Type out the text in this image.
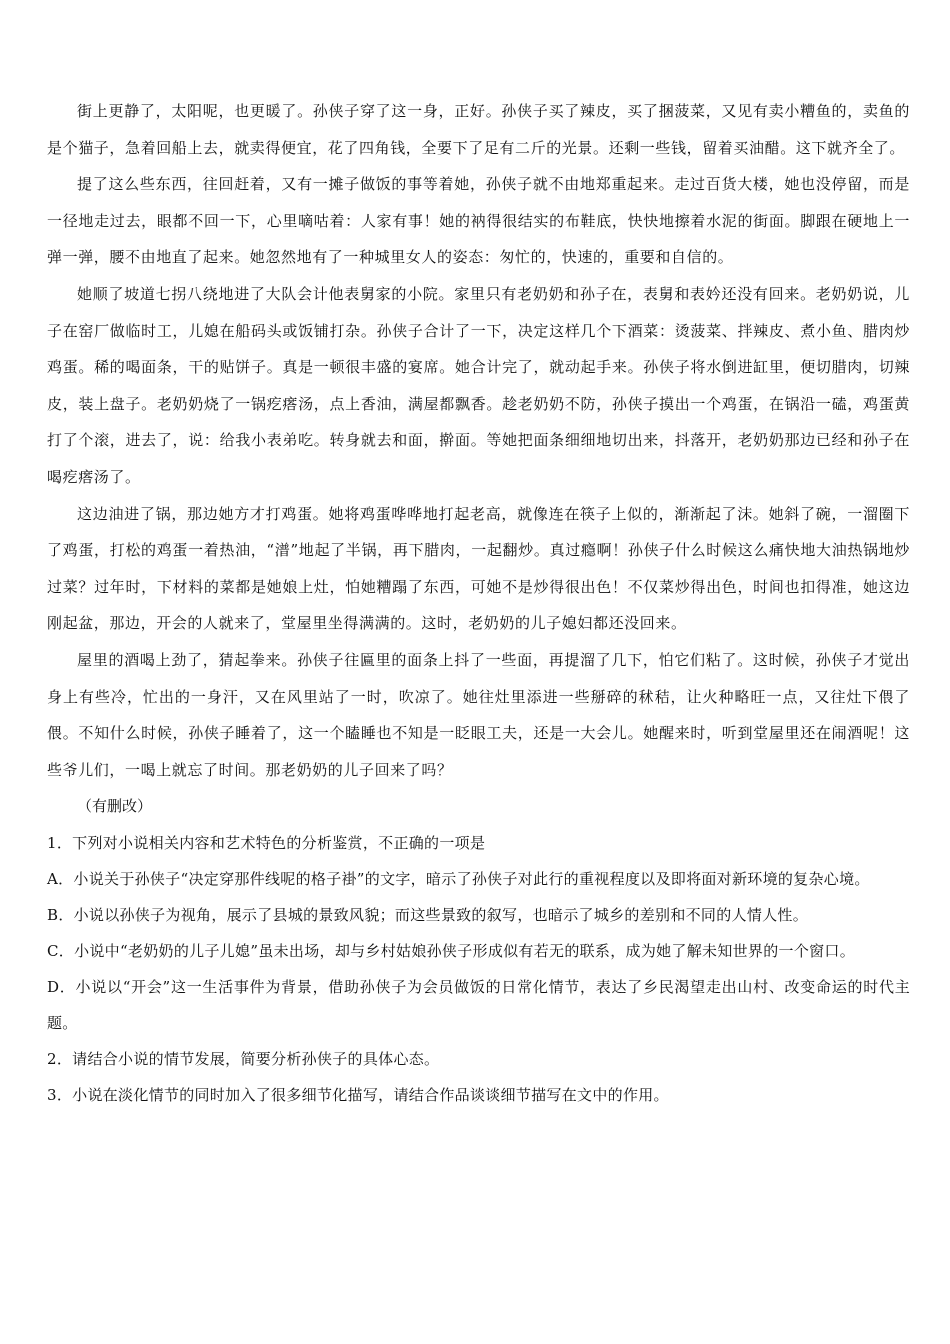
街上更静了，太阳呢，也更暖了。孙侠子穿了这一身，正好。孙侠子买了辣皮，买了捆菠菜，又见有卖小糟鱼的，卖鱼的是个猫子，急着回船上去，就卖得便宜，花了四角钱，全要下了足有二斤的光景。还剩一些钱，留着买油醋。这下就齐全了。

提了这么些东西，往回赶着，又有一摊子做饭的事等着她，孙侠子就不由地郑重起来。走过百货大楼，她也没停留，而是一径地走过去，眼都不回一下，心里嘀咕着：人家有事！她的衲得很结实的布鞋底，快快地擦着水泥的街面。脚跟在硬地上一弹一弹，腰不由地直了起来。她忽然地有了一种城里女人的姿态：匆忙的，快速的，重要和自信的。

她顺了坡道七拐八绕地进了大队会计他表舅家的小院。家里只有老奶奶和孙子在，表舅和表妗还没有回来。老奶奶说，儿子在窑厂做临时工，儿媳在船码头或饭铺打杂。孙侠子合计了一下，决定这样几个下酒菜：烫菠菜、拌辣皮、煮小鱼、腊肉炒鸡蛋。稀的喝面条，干的贴饼子。真是一顿很丰盛的宴席。她合计完了，就动起手来。孙侠子将水倒进缸里，便切腊肉，切辣皮，装上盘子。老奶奶烧了一锅疙瘩汤，点上香油，满屋都飘香。趁老奶奶不防，孙侠子摸出一个鸡蛋，在锅沿一磕，鸡蛋黄打了个滚，进去了，说：给我小表弟吃。转身就去和面，擀面。等她把面条细细地切出来，抖落开，老奶奶那边已经和孙子在喝疙瘩汤了。

这边油进了锅，那边她方才打鸡蛋。她将鸡蛋哗哗地打起老高，就像连在筷子上似的，渐渐起了沫。她斜了碗，一溜圈下了鸡蛋，打松的鸡蛋一着热油，“潽”地起了半锅，再下腊肉，一起翻炒。真过瘾啊！孙侠子什么时候这么痛快地大油热锅地炒过菜？过年时，下材料的菜都是她娘上灶，怕她糟蹋了东西，可她不是炒得很出色！不仅菜炒得出色，时间也扣得准，她这边刚起盆，那边，开会的人就来了，堂屋里坐得满满的。这时，老奶奶的儿子媳妇都还没回来。

屋里的酒喝上劲了，猜起拳来。孙侠子往匾里的面条上抖了一些面，再提溜了几下，怕它们粘了。这时候，孙侠子才觉出身上有些冷，忙出的一身汗，又在风里站了一时，吹凉了。她往灶里添进一些掰碎的秫秸，让火种略旺一点，又往灶下偎了偎。不知什么时候，孙侠子睡着了，这一个瞌睡也不知是一眨眼工夫，还是一大会儿。她醒来时，听到堂屋里还在闹酒呢！这些爷儿们，一喝上就忘了时间。那老奶奶的儿子回来了吗？

（有删改）

1．下列对小说相关内容和艺术特色的分析鉴赏，不正确的一项是

A．小说关于孙侠子“决定穿那件线呢的格子褂”的文字，暗示了孙侠子对此行的重视程度以及即将面对新环境的复杂心境。

B．小说以孙侠子为视角，展示了县城的景致风貌；而这些景致的叙写，也暗示了城乡的差别和不同的人情人性。

C．小说中“老奶奶的儿子儿媳”虽未出场，却与乡村姑娘孙侠子形成似有若无的联系，成为她了解未知世界的一个窗口。

D．小说以“开会”这一生活事件为背景，借助孙侠子为会员做饭的日常化情节，表达了乡民渴望走出山村、改变命运的时代主题。

2．请结合小说的情节发展，简要分析孙侠子的具体心态。

3．小说在淡化情节的同时加入了很多细节化描写，请结合作品谈谈细节描写在文中的作用。
